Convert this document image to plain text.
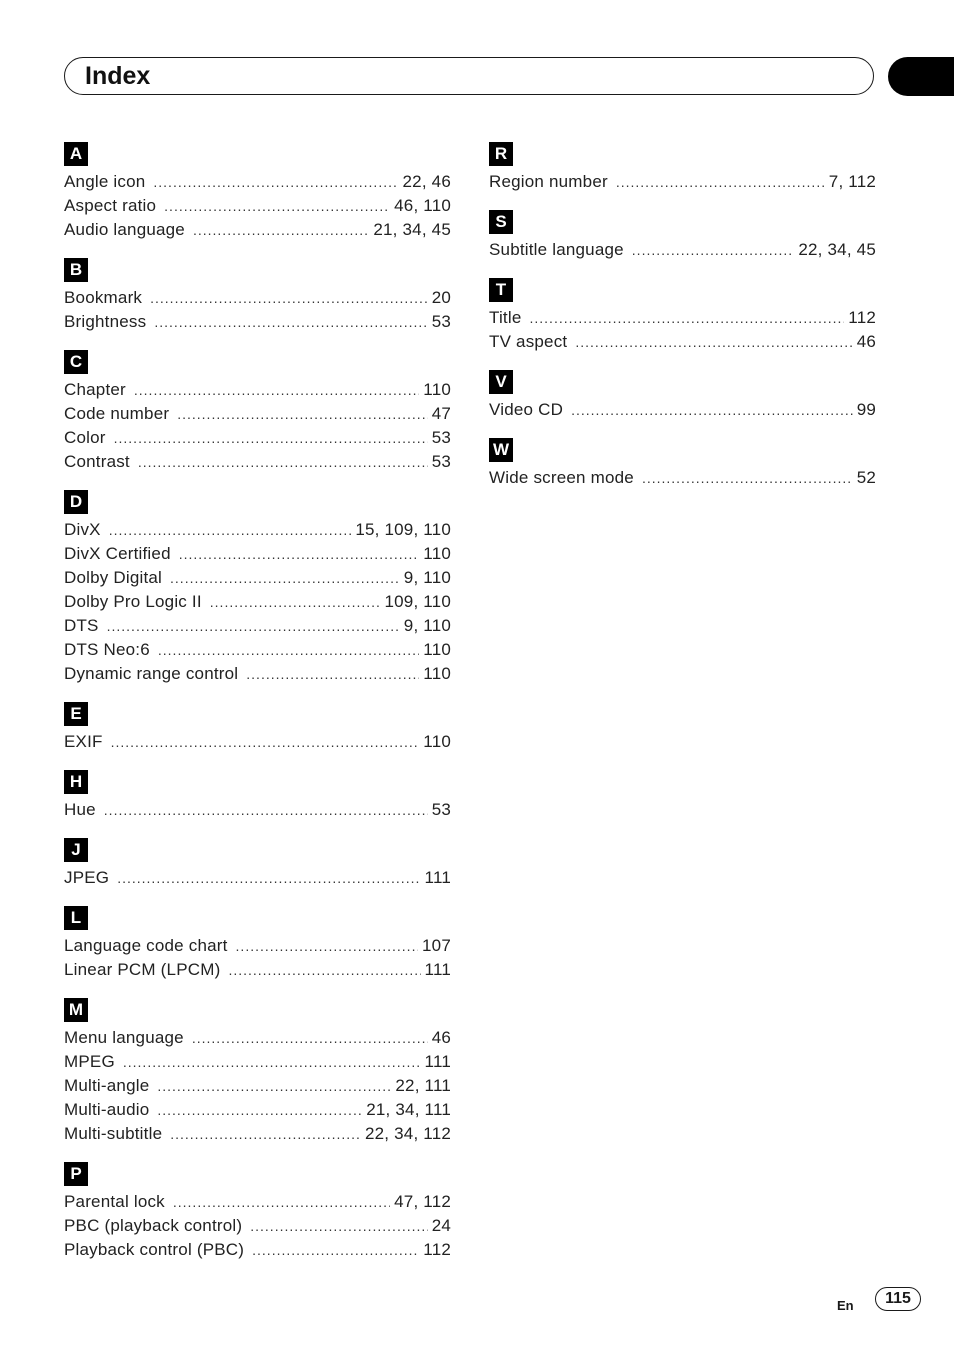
Index
A
Angle icon .....	22, 46
Aspect ratio .....	46, 110
Audio language .....	21, 34, 45
B
Bookmark .....	20
Brightness .....	53
C
Chapter .....	110
Code number .....	47
Color .....	53
Contrast .....	53
D
DivX .....	15, 109, 110
DivX Certified .....	110
Dolby Digital .....	9, 110
Dolby Pro Logic II .....	109, 110
DTS .....	9, 110
DTS Neo:6 .....	110
Dynamic range control .....	110
E
EXIF .....	110
H
Hue .....	53
J
JPEG .....	111
L
Language code chart .....	107
Linear PCM (LPCM) .....	111
M
Menu language .....	46
MPEG .....	111
Multi-angle .....	22, 111
Multi-audio .....	21, 34, 111
Multi-subtitle .....	22, 34, 112
P
Parental lock .....	47, 112
PBC (playback control) .....	24
Playback control (PBC) .....	112
R
Region number .....	7, 112
S
Subtitle language .....	22, 34, 45
T
Title .....	112
TV aspect .....	46
V
Video CD .....	99
W
Wide screen mode .....	52
En	115
